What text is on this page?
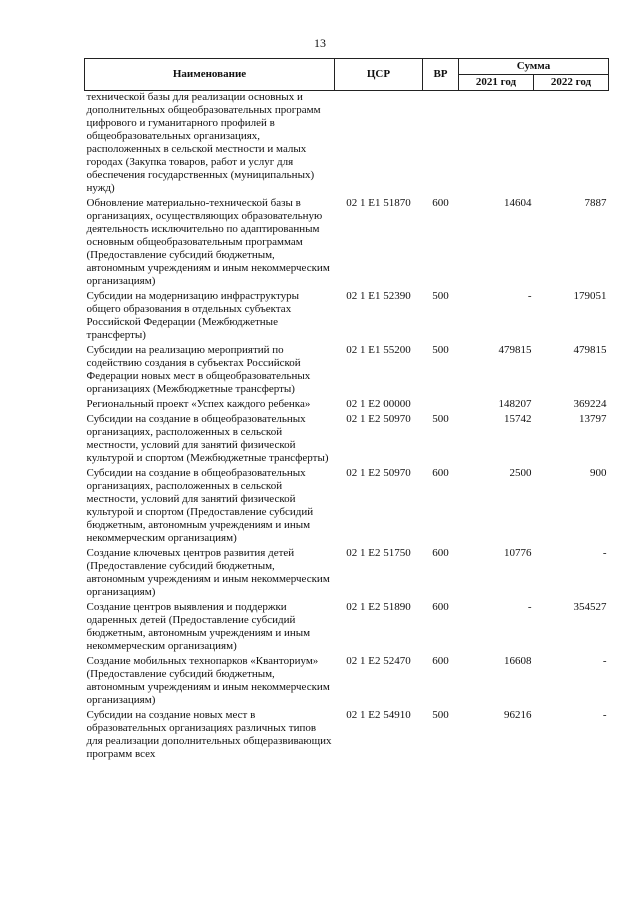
13
Наименование	ЦСР	ВР	Сумма	
			2021 год	2022 год
технической базы для реализации основных и дополнительных общеобразовательных программ цифрового и гуманитарного профилей в общеобразовательных организациях, расположенных в сельской местности и малых городах (Закупка товаров, работ и услуг для обеспечения государственных (муниципальных) нужд)				
Обновление материально-технической базы в организациях, осуществляющих образовательную деятельность исключительно по адаптированным основным общеобразовательным программам (Предоставление субсидий бюджетным, автономным учреждениям и иным некоммерческим организациям)	02 1 E1 51870	600	14604	7887
Субсидии на модернизацию инфраструктуры общего образования в отдельных субъектах Российской Федерации (Межбюджетные трансферты)	02 1 E1 52390	500	-	179051
Субсидии на реализацию мероприятий по содействию создания в субъектах Российской Федерации новых мест в общеобразовательных организациях (Межбюджетные трансферты)	02 1 E1 55200	500	479815	479815
Региональный проект «Успех каждого ребенка»	02 1 E2 00000		148207	369224
Субсидии на создание в общеобразовательных организациях, расположенных в сельской местности, условий для занятий физической культурой и спортом (Межбюджетные трансферты)	02 1 E2 50970	500	15742	13797
Субсидии на создание в общеобразовательных организациях, расположенных в сельской местности, условий для занятий физической культурой и спортом (Предоставление субсидий бюджетным, автономным учреждениям и иным некоммерческим организациям)	02 1 E2 50970	600	2500	900
Создание ключевых центров развития детей (Предоставление субсидий бюджетным, автономным учреждениям и иным некоммерческим организациям)	02 1 E2 51750	600	10776	-
Создание центров выявления и поддержки одаренных детей (Предоставление субсидий бюджетным, автономным учреждениям и иным некоммерческим организациям)	02 1 E2 51890	600	-	354527
Создание мобильных технопарков «Кванториум» (Предоставление субсидий бюджетным, автономным учреждениям и иным некоммерческим организациям)	02 1 E2 52470	600	16608	-
Субсидии на создание новых мест в образовательных организациях различных типов для реализации дополнительных общеразвивающих программ всех	02 1 E2 54910	500	96216	-
